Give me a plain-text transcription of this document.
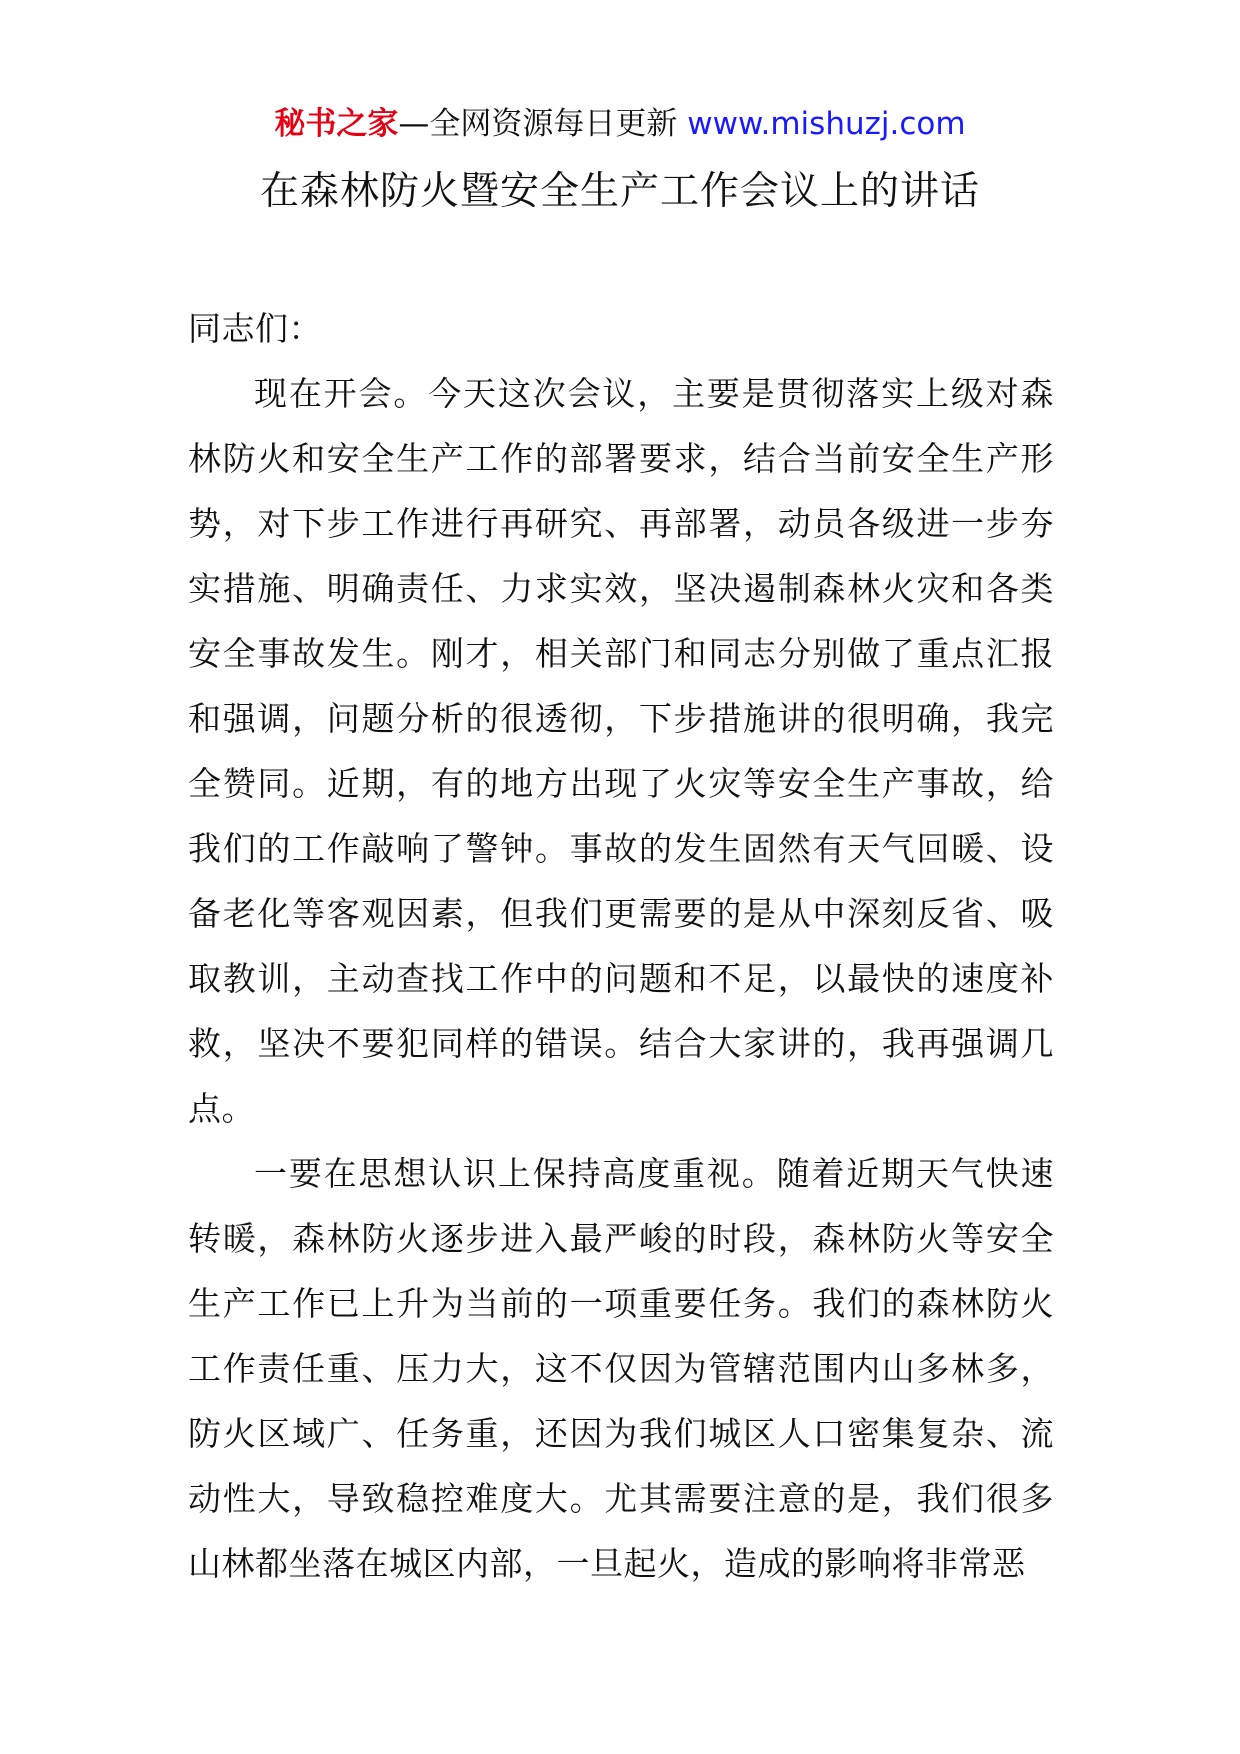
秘书之家—全网资源每日更新 www.mishuzj.com
在森林防火暨安全生产工作会议上的讲话

同志们：

现在开会。今天这次会议，主要是贯彻落实上级对森林防火和安全生产工作的部署要求，结合当前安全生产形势，对下步工作进行再研究、再部署，动员各级进一步夯实措施、明确责任、力求实效，坚决遏制森林火灾和各类安全事故发生。刚才，相关部门和同志分别做了重点汇报和强调，问题分析的很透彻，下步措施讲的很明确，我完全赞同。近期，有的地方出现了火灾等安全生产事故，给我们的工作敲响了警钟。事故的发生固然有天气回暖、设备老化等客观因素，但我们更需要的是从中深刻反省、吸取教训，主动查找工作中的问题和不足，以最快的速度补救，坚决不要犯同样的错误。结合大家讲的，我再强调几点。

一要在思想认识上保持高度重视。随着近期天气快速转暖，森林防火逐步进入最严峻的时段，森林防火等安全生产工作已上升为当前的一项重要任务。我们的森林防火工作责任重、压力大，这不仅因为管辖范围内山多林多，防火区域广、任务重，还因为我们城区人口密集复杂、流动性大，导致稳控难度大。尤其需要注意的是，我们很多山林都坐落在城区内部，一旦起火，造成的影响将非常恶
